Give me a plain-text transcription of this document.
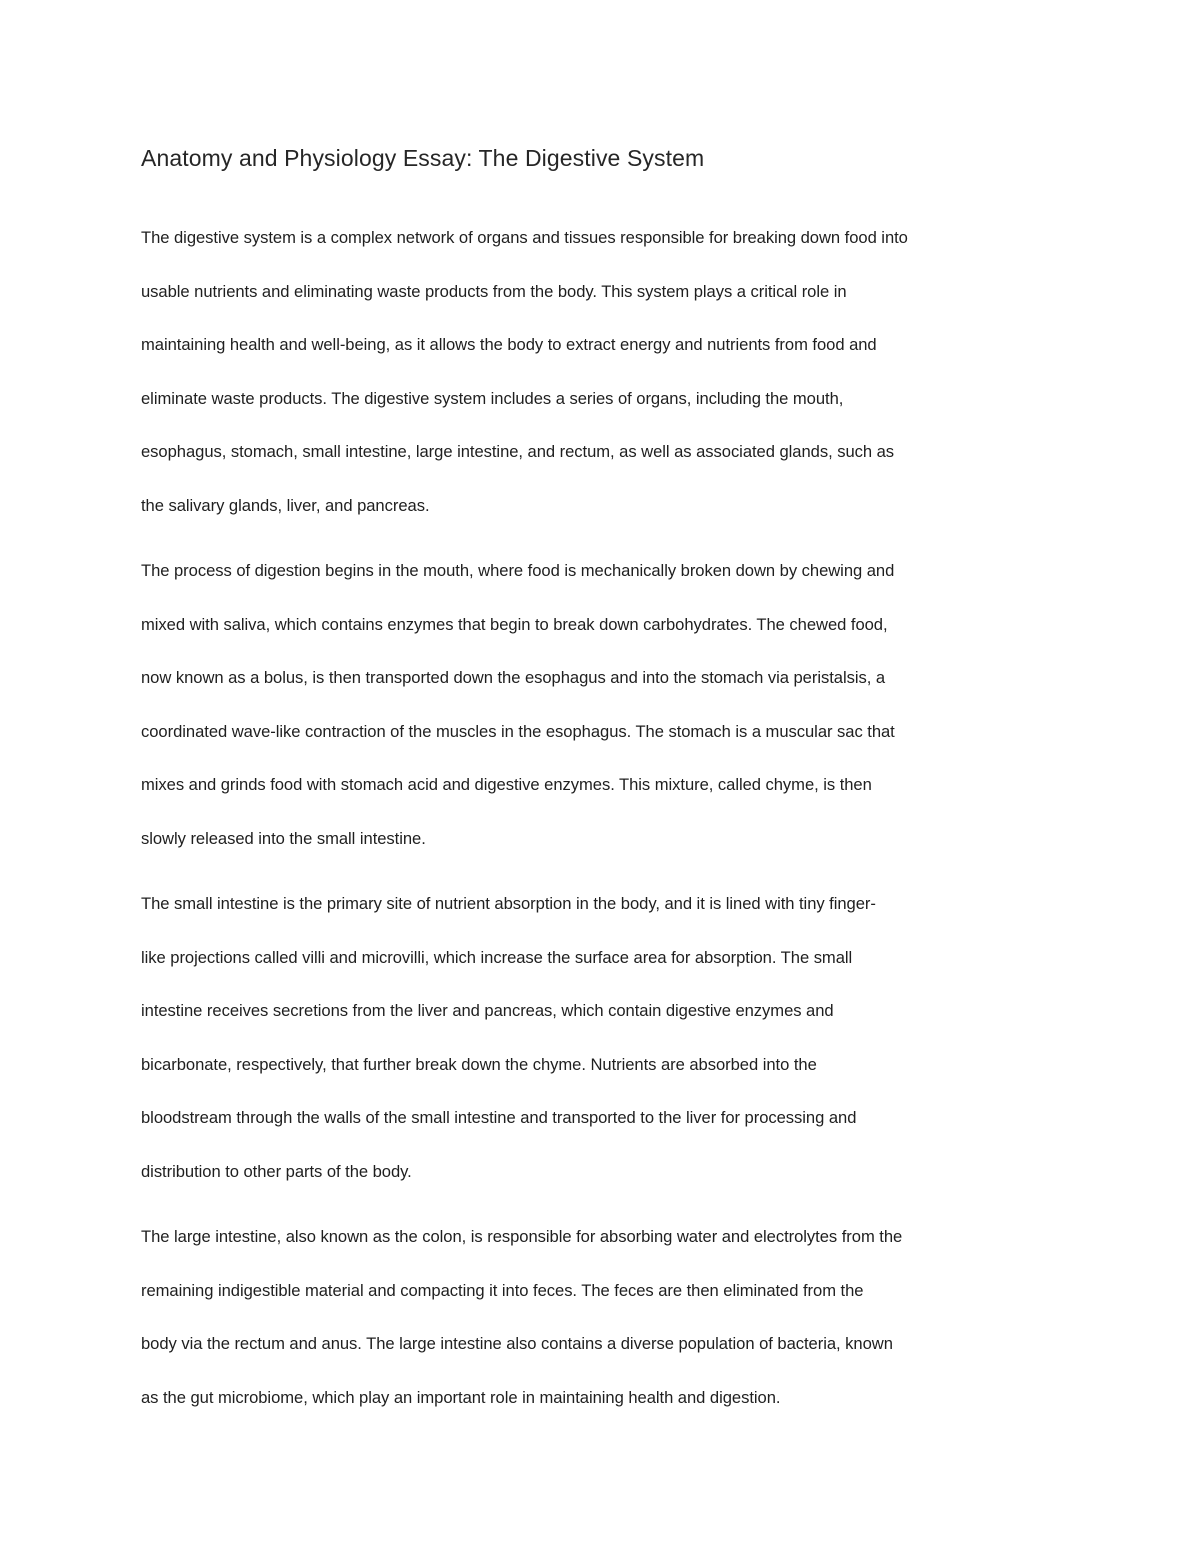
Anatomy and Physiology Essay: The Digestive System

The digestive system is a complex network of organs and tissues responsible for breaking down food into
usable nutrients and eliminating waste products from the body. This system plays a critical role in
maintaining health and well-being, as it allows the body to extract energy and nutrients from food and
eliminate waste products. The digestive system includes a series of organs, including the mouth,
esophagus, stomach, small intestine, large intestine, and rectum, as well as associated glands, such as
the salivary glands, liver, and pancreas.

The process of digestion begins in the mouth, where food is mechanically broken down by chewing and
mixed with saliva, which contains enzymes that begin to break down carbohydrates. The chewed food,
now known as a bolus, is then transported down the esophagus and into the stomach via peristalsis, a
coordinated wave-like contraction of the muscles in the esophagus. The stomach is a muscular sac that
mixes and grinds food with stomach acid and digestive enzymes. This mixture, called chyme, is then
slowly released into the small intestine.

The small intestine is the primary site of nutrient absorption in the body, and it is lined with tiny finger-
like projections called villi and microvilli, which increase the surface area for absorption. The small
intestine receives secretions from the liver and pancreas, which contain digestive enzymes and
bicarbonate, respectively, that further break down the chyme. Nutrients are absorbed into the
bloodstream through the walls of the small intestine and transported to the liver for processing and
distribution to other parts of the body.

The large intestine, also known as the colon, is responsible for absorbing water and electrolytes from the
remaining indigestible material and compacting it into feces. The feces are then eliminated from the
body via the rectum and anus. The large intestine also contains a diverse population of bacteria, known
as the gut microbiome, which play an important role in maintaining health and digestion.
